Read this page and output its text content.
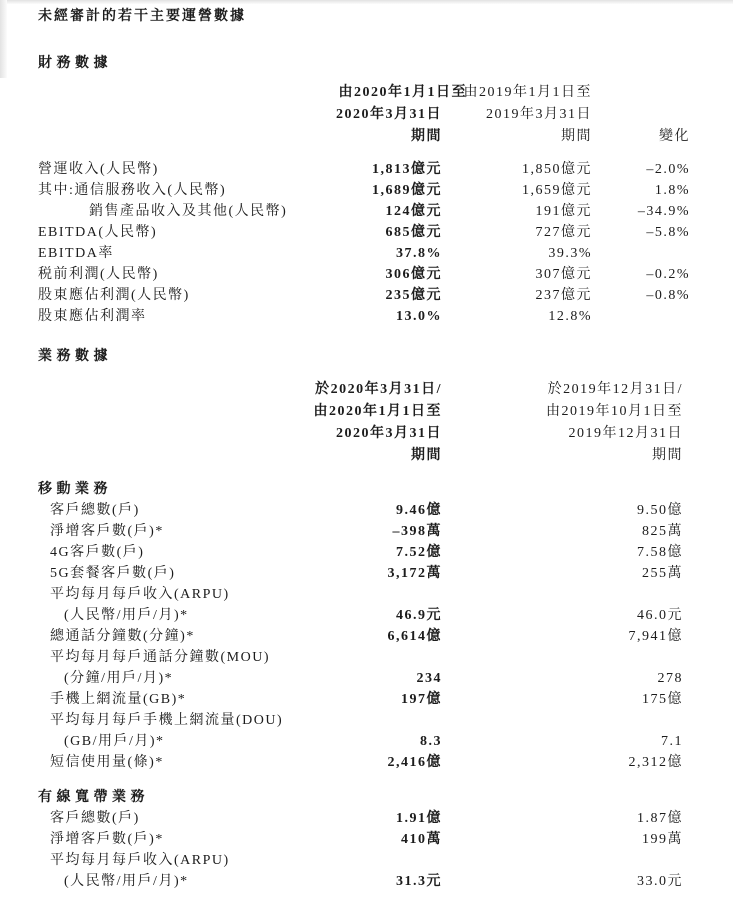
未經審計的若干主要運營數據
財務數據
由2020年1月1日至
2020年3月31日
期間
由2019年1月1日至
2019年3月31日
期間	變化
營運收入(人民幣)	1,813億元	1,850億元	–2.0%
其中:通信服務收入(人民幣)	1,689億元	1,659億元	1.8%
銷售產品收入及其他(人民幣)	124億元	191億元	–34.9%
EBITDA(人民幣)	685億元	727億元	–5.8%
EBITDA率	37.8%	39.3%
税前利潤(人民幣)	306億元	307億元	–0.2%
股東應佔利潤(人民幣)	235億元	237億元	–0.8%
股東應佔利潤率	13.0%	12.8%
業務數據
於2020年3月31日/
由2020年1月1日至
2020年3月31日
期間
於2019年12月31日/
由2019年10月1日至
2019年12月31日
期間
移動業務
客戶總數(戶)	9.46億	9.50億
淨增客戶數(戶)*	–398萬	825萬
4G客戶數(戶)	7.52億	7.58億
5G套餐客戶數(戶)	3,172萬	255萬
平均每月每戶收入(ARPU)
(人民幣/用戶/月)*	46.9元	46.0元
總通話分鐘數(分鐘)*	6,614億	7,941億
平均每月每戶通話分鐘數(MOU)
(分鐘/用戶/月)*	234	278
手機上網流量(GB)*	197億	175億
平均每月每戶手機上網流量(DOU)
(GB/用戶/月)*	8.3	7.1
短信使用量(條)*	2,416億	2,312億
有線寬帶業務
客戶總數(戶)	1.91億	1.87億
淨增客戶數(戶)*	410萬	199萬
平均每月每戶收入(ARPU)
(人民幣/用戶/月)*	31.3元	33.0元
